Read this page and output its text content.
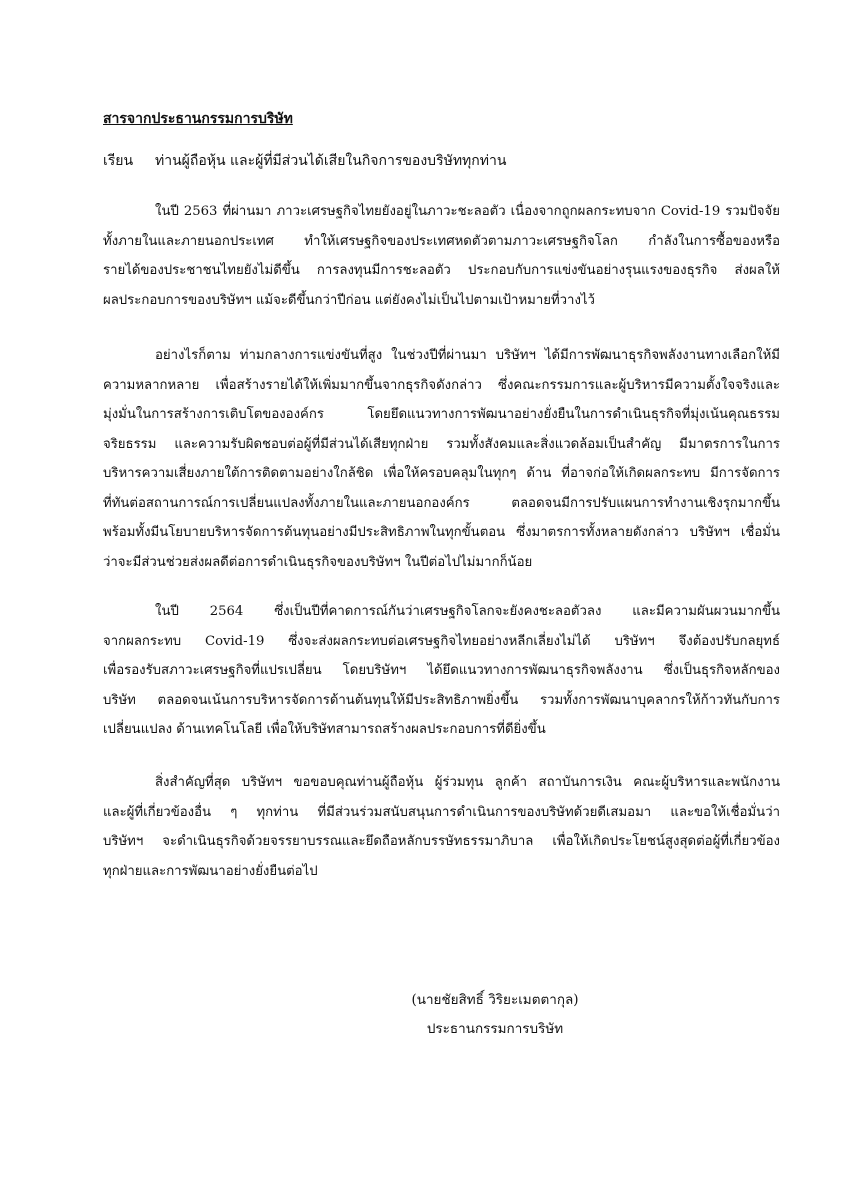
สารจากประธานกรรมการบริษัท
เรียน ท่านผู้ถือหุ้น และผู้ที่มีส่วนได้เสียในกิจการของบริษัททุกท่าน
ในปี 2563 ที่ผ่านมา ภาวะเศรษฐกิจไทยยังอยู่ในภาวะชะลอตัว เนื่องจากถูกผลกระทบจาก Covid-19 รวมปัจจัย
ทั้งภายในและภายนอกประเทศ ทำให้เศรษฐกิจของประเทศหดตัวตามภาวะเศรษฐกิจโลก กำลังในการซื้อของหรือ
รายได้ของประชาชนไทยยังไม่ดีขึ้น การลงทุนมีการชะลอตัว ประกอบกับการแข่งขันอย่างรุนแรงของธุรกิจ ส่งผลให้
ผลประกอบการของบริษัทฯ แม้จะดีขึ้นกว่าปีก่อน แต่ยังคงไม่เป็นไปตามเป้าหมายที่วางไว้
อย่างไรก็ตาม ท่ามกลางการแข่งขันที่สูง ในช่วงปีที่ผ่านมา บริษัทฯ ได้มีการพัฒนาธุรกิจพลังงานทางเลือกให้มี
ความหลากหลาย เพื่อสร้างรายได้ให้เพิ่มมากขึ้นจากธุรกิจดังกล่าว ซึ่งคณะกรรมการและผู้บริหารมีความตั้งใจจริงและ
มุ่งมั่นในการสร้างการเติบโตขององค์กร โดยยึดแนวทางการพัฒนาอย่างยั่งยืนในการดำเนินธุรกิจที่มุ่งเน้นคุณธรรม
จริยธรรม และความรับผิดชอบต่อผู้ที่มีส่วนได้เสียทุกฝ่าย รวมทั้งสังคมและสิ่งแวดล้อมเป็นสำคัญ มีมาตรการในการ
บริหารความเสี่ยงภายใต้การติดตามอย่างใกล้ชิด เพื่อให้ครอบคลุมในทุกๆ ด้าน ที่อาจก่อให้เกิดผลกระทบ มีการจัดการ
ที่ทันต่อสถานการณ์การเปลี่ยนแปลงทั้งภายในและภายนอกองค์กร ตลอดจนมีการปรับแผนการทำงานเชิงรุกมากขึ้น
พร้อมทั้งมีนโยบายบริหารจัดการต้นทุนอย่างมีประสิทธิภาพในทุกขั้นตอน ซึ่งมาตรการทั้งหลายดังกล่าว บริษัทฯ เชื่อมั่น
ว่าจะมีส่วนช่วยส่งผลดีต่อการดำเนินธุรกิจของบริษัทฯ ในปีต่อไปไม่มากก็น้อย
ในปี 2564 ซึ่งเป็นปีที่คาดการณ์กันว่าเศรษฐกิจโลกจะยังคงชะลอตัวลง และมีความผันผวนมากขึ้น
จากผลกระทบ Covid-19 ซึ่งจะส่งผลกระทบต่อเศรษฐกิจไทยอย่างหลีกเลี่ยงไม่ได้ บริษัทฯ จึงต้องปรับกลยุทธ์
เพื่อรองรับสภาวะเศรษฐกิจที่แปรเปลี่ยน โดยบริษัทฯ ได้ยึดแนวทางการพัฒนาธุรกิจพลังงาน ซึ่งเป็นธุรกิจหลักของ
บริษัท ตลอดจนเน้นการบริหารจัดการด้านต้นทุนให้มีประสิทธิภาพยิ่งขึ้น รวมทั้งการพัฒนาบุคลากรให้ก้าวทันกับการ
เปลี่ยนแปลง ด้านเทคโนโลยี เพื่อให้บริษัทสามารถสร้างผลประกอบการที่ดียิ่งขึ้น
สิ่งสำคัญที่สุด บริษัทฯ ขอขอบคุณท่านผู้ถือหุ้น ผู้ร่วมทุน ลูกค้า สถาบันการเงิน คณะผู้บริหารและพนักงาน
และผู้ที่เกี่ยวข้องอื่น ๆ ทุกท่าน ที่มีส่วนร่วมสนับสนุนการดำเนินการของบริษัทด้วยดีเสมอมา และขอให้เชื่อมั่นว่า
บริษัทฯ จะดำเนินธุรกิจด้วยจรรยาบรรณและยึดถือหลักบรรษัทธรรมาภิบาล เพื่อให้เกิดประโยชน์สูงสุดต่อผู้ที่เกี่ยวข้อง
ทุกฝ่ายและการพัฒนาอย่างยั่งยืนต่อไป
(นายชัยสิทธิ์ วิริยะเมตตากุล)
ประธานกรรมการบริษัท
